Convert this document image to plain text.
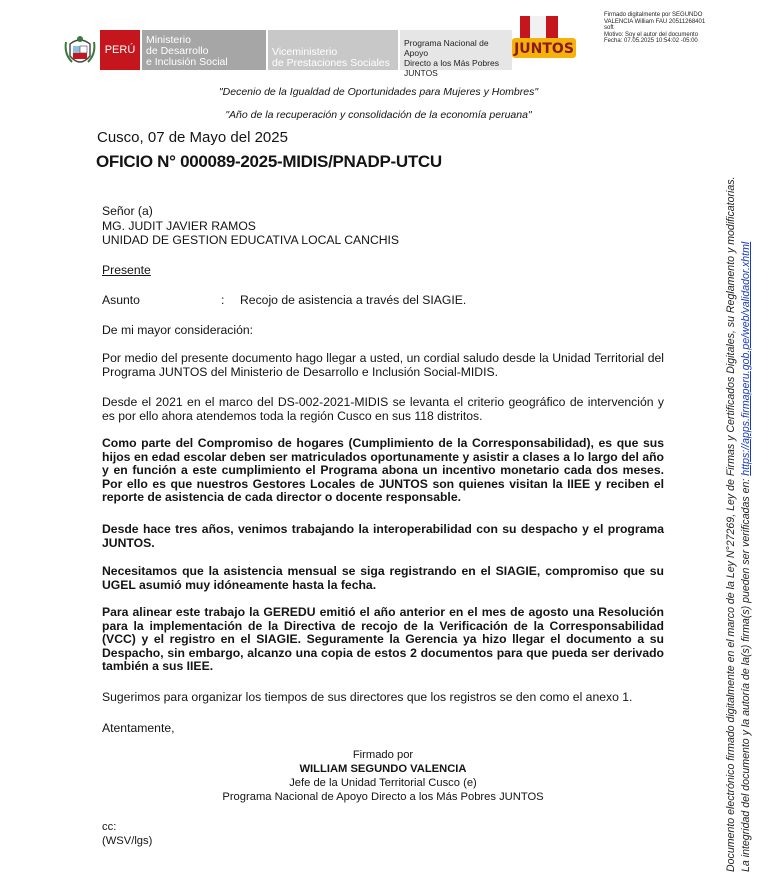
PERÚ
Ministerio
de Desarrollo
e Inclusión Social
Viceministerio
de Prestaciones Sociales
Programa Nacional de Apoyo
Directo a los Más Pobres
JUNTOS
JUNTOS
Firmado digitalmente por SEGUNDO
VALENCIA William FAU 20511268401
soft
Motivo: Soy el autor del documento
Fecha: 07.05.2025 10:54:02 -05:00
"Decenio de la Igualdad de Oportunidades para Mujeres y Hombres"
"Año de la recuperación y consolidación de la economía peruana"
Cusco, 07 de Mayo del 2025
OFICIO N° 000089-2025-MIDIS/PNADP-UTCU
Señor (a)
MG. JUDIT JAVIER RAMOS
UNIDAD DE GESTION EDUCATIVA LOCAL CANCHIS
Presente
Asunto	: Recojo de asistencia a través del SIAGIE.
De mi mayor consideración:
Por medio del presente documento hago llegar a usted, un cordial saludo desde la Unidad Territorial del Programa JUNTOS del Ministerio de Desarrollo e Inclusión Social-MIDIS.
Desde el 2021 en el marco del DS-002-2021-MIDIS se levanta el criterio geográfico de intervención y es por ello ahora atendemos toda la región Cusco en sus 118 distritos.
Como parte del Compromiso de hogares (Cumplimiento de la Corresponsabilidad), es que sus hijos en edad escolar deben ser matriculados oportunamente y asistir a clases a lo largo del año y en función a este cumplimiento el Programa abona un incentivo monetario cada dos meses. Por ello es que nuestros Gestores Locales de JUNTOS son quienes visitan la IIEE y reciben el reporte de asistencia de cada director o docente responsable.
Desde hace tres años, venimos trabajando la interoperabilidad con su despacho y el programa JUNTOS.
Necesitamos que la asistencia mensual se siga registrando en el SIAGIE, compromiso que su UGEL asumió muy idóneamente hasta la fecha.
Para alinear este trabajo la GEREDU emitió el año anterior en el mes de agosto una Resolución para la implementación de la Directiva de recojo de la Verificación de la Corresponsabilidad (VCC) y el registro en el SIAGIE. Seguramente la Gerencia ya hizo llegar el documento a su Despacho, sin embargo, alcanzo una copia de estos 2 documentos para que pueda ser derivado también a sus IIEE.
Sugerimos para organizar los tiempos de sus directores que los registros se den como el anexo 1.
Atentamente,
Firmado por
WILLIAM SEGUNDO VALENCIA
Jefe de la Unidad Territorial Cusco (e)
Programa Nacional de Apoyo Directo a los Más Pobres JUNTOS
cc:
(WSV/lgs)	Documento electrónico firmado digitalmente en el marco de la Ley N°27269, Ley de Firmas y Certificados Digitales, su Reglamento y modificatorias. La integridad del documento y la autoría de la(s) firma(s) pueden ser verificadas en: https://apps.firmaperu.gob.pe/web/validador.xhtml
